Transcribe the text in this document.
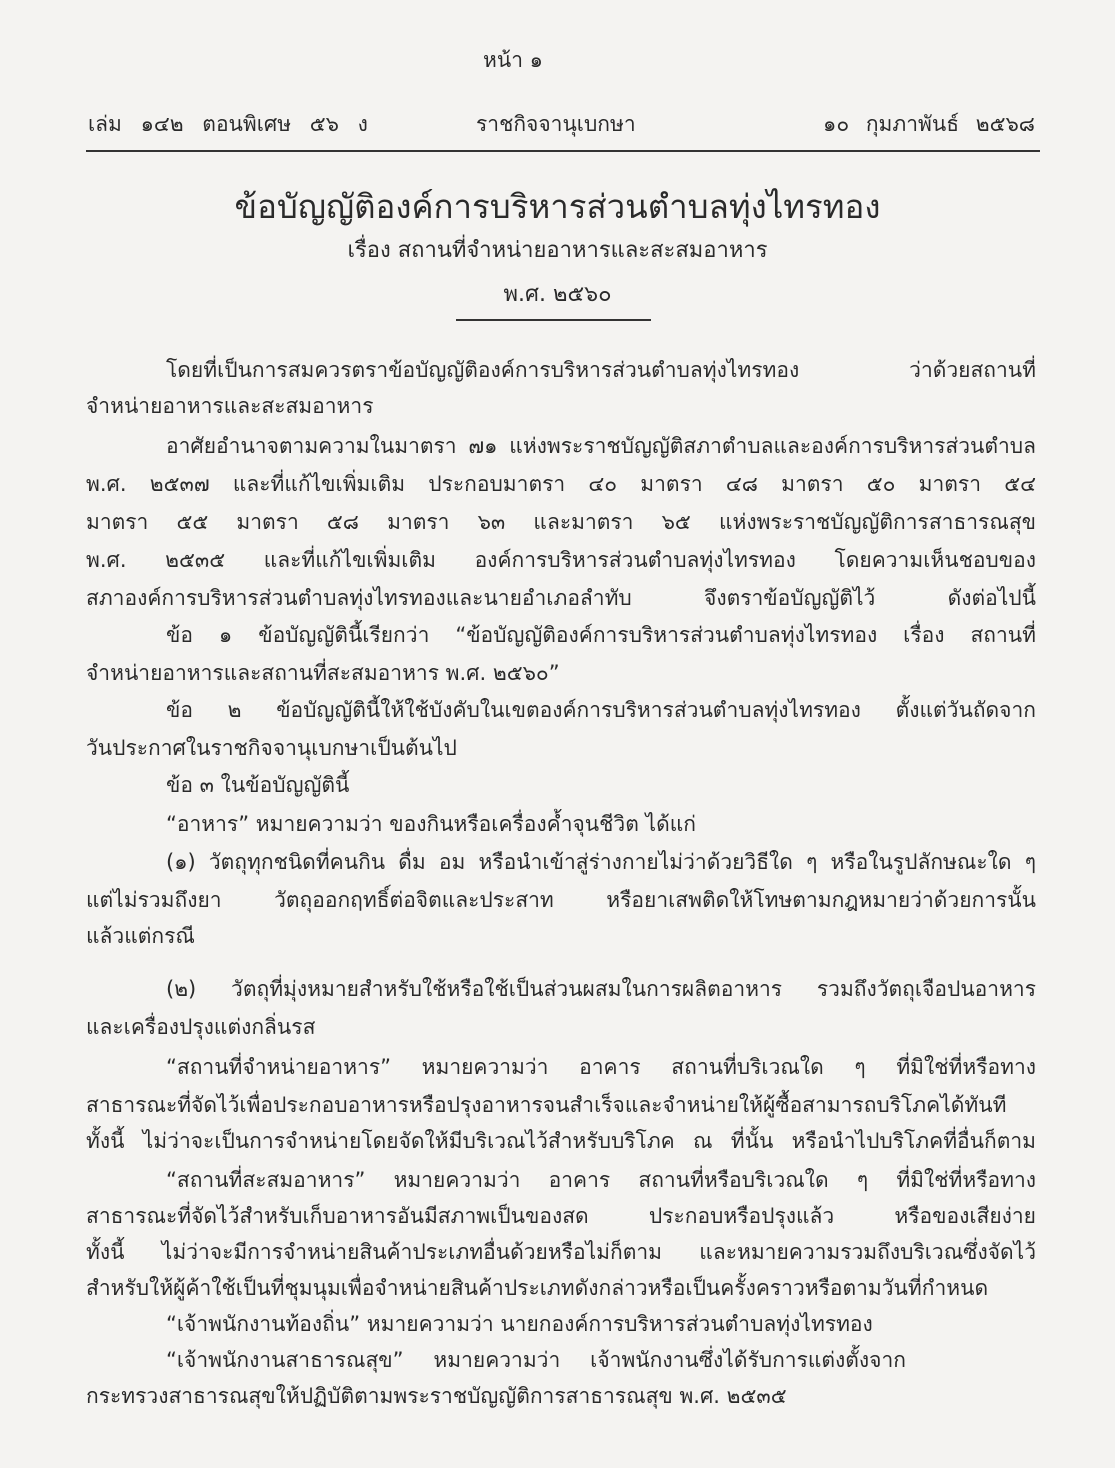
หน้า ๑
เล่ม ๑๔๒ ตอนพิเศษ ๕๖ ง	ราชกิจจานุเบกษา	๑๐ กุมภาพันธ์ ๒๕๖๘
ข้อบัญญัติองค์การบริหารส่วนตำบลทุ่งไทรทอง
เรื่อง สถานที่จำหน่ายอาหารและสะสมอาหาร
พ.ศ. ๒๕๖๐
โดยที่เป็นการสมควรตราข้อบัญญัติองค์การบริหารส่วนตำบลทุ่งไทรทอง ว่าด้วยสถานที่
จำหน่ายอาหารและสะสมอาหาร
อาศัยอำนาจตามความในมาตรา ๗๑ แห่งพระราชบัญญัติสภาตำบลและองค์การบริหารส่วนตำบล
พ.ศ. ๒๕๓๗ และที่แก้ไขเพิ่มเติม ประกอบมาตรา ๔๐ มาตรา ๔๘ มาตรา ๕๐ มาตรา ๕๔
มาตรา ๕๕ มาตรา ๕๘ มาตรา ๖๓ และมาตรา ๖๕ แห่งพระราชบัญญัติการสาธารณสุข
พ.ศ. ๒๕๓๕ และที่แก้ไขเพิ่มเติม องค์การบริหารส่วนตำบลทุ่งไทรทอง โดยความเห็นชอบของ
สภาองค์การบริหารส่วนตำบลทุ่งไทรทองและนายอำเภอลำทับ จึงตราข้อบัญญัติไว้ ดังต่อไปนี้
ข้อ ๑ ข้อบัญญัตินี้เรียกว่า “ข้อบัญญัติองค์การบริหารส่วนตำบลทุ่งไทรทอง เรื่อง สถานที่
จำหน่ายอาหารและสถานที่สะสมอาหาร พ.ศ. ๒๕๖๐”
ข้อ ๒ ข้อบัญญัตินี้ให้ใช้บังคับในเขตองค์การบริหารส่วนตำบลทุ่งไทรทอง ตั้งแต่วันถัดจาก
วันประกาศในราชกิจจานุเบกษาเป็นต้นไป
ข้อ ๓ ในข้อบัญญัตินี้
“อาหาร” หมายความว่า ของกินหรือเครื่องค้ำจุนชีวิต ได้แก่
(๑) วัตถุทุกชนิดที่คนกิน ดื่ม อม หรือนำเข้าสู่ร่างกายไม่ว่าด้วยวิธีใด ๆ หรือในรูปลักษณะใด ๆ
แต่ไม่รวมถึงยา วัตถุออกฤทธิ์ต่อจิตและประสาท หรือยาเสพติดให้โทษตามกฎหมายว่าด้วยการนั้น
แล้วแต่กรณี
(๒) วัตถุที่มุ่งหมายสำหรับใช้หรือใช้เป็นส่วนผสมในการผลิตอาหาร รวมถึงวัตถุเจือปนอาหาร
และเครื่องปรุงแต่งกลิ่นรส
“สถานที่จำหน่ายอาหาร” หมายความว่า อาคาร สถานที่บริเวณใด ๆ ที่มิใช่ที่หรือทาง
สาธารณะที่จัดไว้เพื่อประกอบอาหารหรือปรุงอาหารจนสำเร็จและจำหน่ายให้ผู้ซื้อสามารถบริโภคได้ทันที
ทั้งนี้ ไม่ว่าจะเป็นการจำหน่ายโดยจัดให้มีบริเวณไว้สำหรับบริโภค ณ ที่นั้น หรือนำไปบริโภคที่อื่นก็ตาม
“สถานที่สะสมอาหาร” หมายความว่า อาคาร สถานที่หรือบริเวณใด ๆ ที่มิใช่ที่หรือทาง
สาธารณะที่จัดไว้สำหรับเก็บอาหารอันมีสภาพเป็นของสด ประกอบหรือปรุงแล้ว หรือของเสียง่าย
ทั้งนี้ ไม่ว่าจะมีการจำหน่ายสินค้าประเภทอื่นด้วยหรือไม่ก็ตาม และหมายความรวมถึงบริเวณซึ่งจัดไว้
สำหรับให้ผู้ค้าใช้เป็นที่ชุมนุมเพื่อจำหน่ายสินค้าประเภทดังกล่าวหรือเป็นครั้งคราวหรือตามวันที่กำหนด
“เจ้าพนักงานท้องถิ่น” หมายความว่า นายกองค์การบริหารส่วนตำบลทุ่งไทรทอง
“เจ้าพนักงานสาธารณสุข” หมายความว่า เจ้าพนักงานซึ่งได้รับการแต่งตั้งจาก
กระทรวงสาธารณสุขให้ปฏิบัติตามพระราชบัญญัติการสาธารณสุข พ.ศ. ๒๕๓๕
